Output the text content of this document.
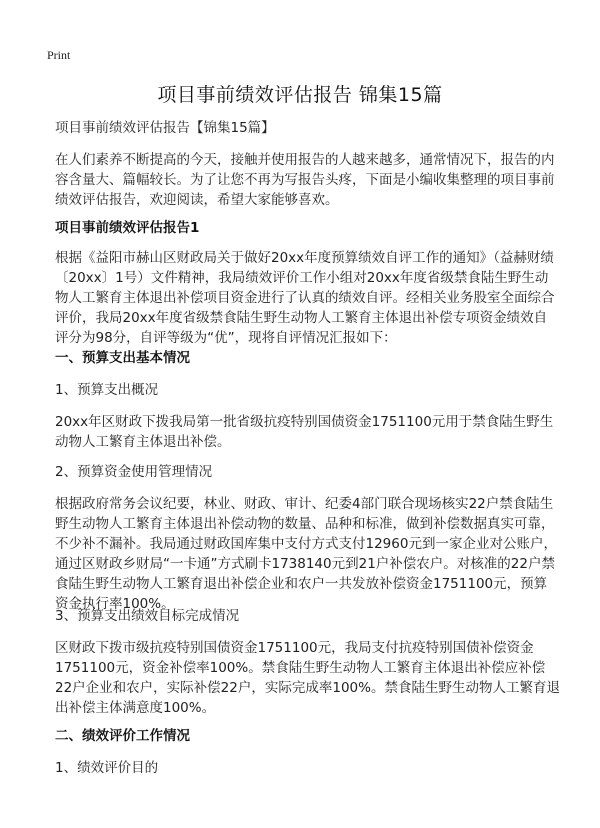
Print
项目事前绩效评估报告 锦集15篇
项目事前绩效评估报告【锦集15篇】
在人们素养不断提高的今天，接触并使用报告的人越来越多，通常情况下，报告的内容含量大、篇幅较长。为了让您不再为写报告头疼，下面是小编收集整理的项目事前绩效评估报告，欢迎阅读，希望大家能够喜欢。
项目事前绩效评估报告1
根据《益阳市赫山区财政局关于做好20xx年度预算绩效自评工作的通知》（益赫财绩〔20xx〕1号）文件精神，我局绩效评价工作小组对20xx年度省级禁食陆生野生动物人工繁育主体退出补偿项目资金进行了认真的绩效自评。经相关业务股室全面综合评价，我局20xx年度省级禁食陆生野生动物人工繁育主体退出补偿专项资金绩效自评分为98分，自评等级为“优”，现将自评情况汇报如下：
一、预算支出基本情况
1、预算支出概况
20xx年区财政下拨我局第一批省级抗疫特别国债资金1751100元用于禁食陆生野生动物人工繁育主体退出补偿。
2、预算资金使用管理情况
根据政府常务会议纪要，林业、财政、审计、纪委4部门联合现场核实22户禁食陆生野生动物人工繁育主体退出补偿动物的数量、品种和标准，做到补偿数据真实可靠，不少补不漏补。我局通过财政国库集中支付方式支付12960元到一家企业对公账户，通过区财政乡财局“一卡通”方式刷卡1738140元到21户补偿农户。对核准的22户禁食陆生野生动物人工繁育退出补偿企业和农户一共发放补偿资金1751100元，预算资金执行率100%。
3、预算支出绩效目标完成情况
区财政下拨市级抗疫特别国债资金1751100元，我局支付抗疫特别国债补偿资金1751100元，资金补偿率100%。禁食陆生野生动物人工繁育主体退出补偿应补偿22户企业和农户，实际补偿22户，实际完成率100%。禁食陆生野生动物人工繁育退出补偿主体满意度100%。
二、绩效评价工作情况
1、绩效评价目的
